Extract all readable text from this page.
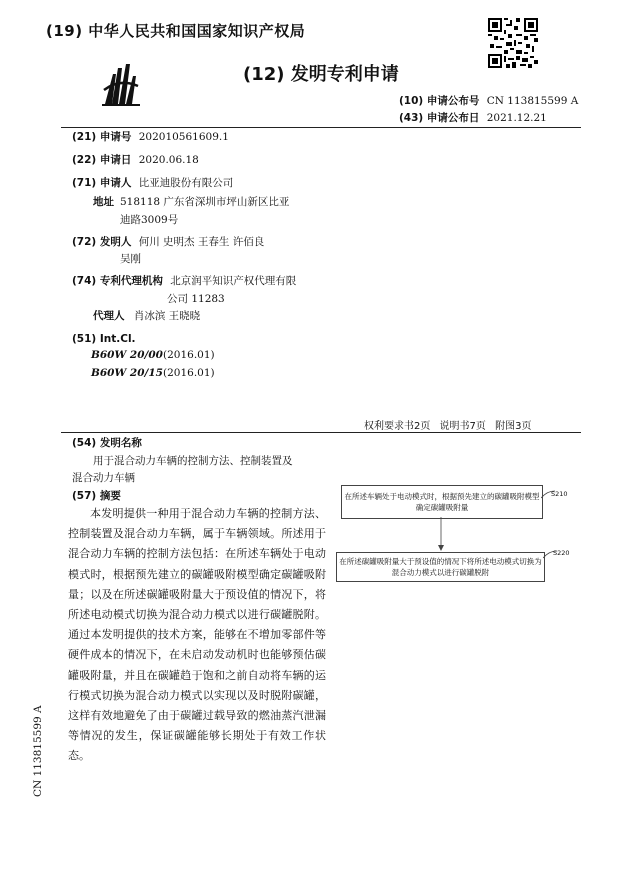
(19) 中华人民共和国国家知识产权局
(12) 发明专利申请
(10) 申请公布号 CN 113815599 A
(43) 申请公布日 2021.12.21
(21) 申请号 202010561609.1
(22) 申请日 2020.06.18
(71) 申请人 比亚迪股份有限公司
地址 518118 广东省深圳市坪山新区比亚
迪路3009号
(72) 发明人 何川 史明杰 王春生 许佰良
吴刚
(74) 专利代理机构 北京润平知识产权代理有限
公司 11283
代理人 肖冰滨 王晓晓
(51) Int.Cl.
B60W 20/00(2016.01)
B60W 20/15(2016.01)
权利要求书2页 说明书7页 附图3页
(54) 发明名称
用于混合动力车辆的控制方法、控制装置及
混合动力车辆
(57) 摘要

本发明提供一种用于混合动力车辆的控制方法、控制装置及混合动力车辆，属于车辆领域。所述用于混合动力车辆的控制方法包括：在所述车辆处于电动模式时，根据预先建立的碳罐吸附模型确定碳罐吸附量；以及在所述碳罐吸附量大于预设值的情况下，将所述电动模式切换为混合动力模式以进行碳罐脱附。通过本发明提供的技术方案，能够在不增加零部件等硬件成本的情况下，在未启动发动机时也能够预估碳罐吸附量，并且在碳罐趋于饱和之前自动将车辆的运行模式切换为混合动力模式以实现以及时脱附碳罐，这样有效地避免了由于碳罐过载导致的燃油蒸汽泄漏等情况的发生，保证碳罐能够长期处于有效工作状态。

在所述车辆处于电动模式时，根据预先建立的碳罐吸附模型确定碳罐吸附量
S210
在所述碳罐吸附量大于预设值的情况下将所述电动模式切换为混合动力模式以进行碳罐脱附
S220
CN 113815599 A
